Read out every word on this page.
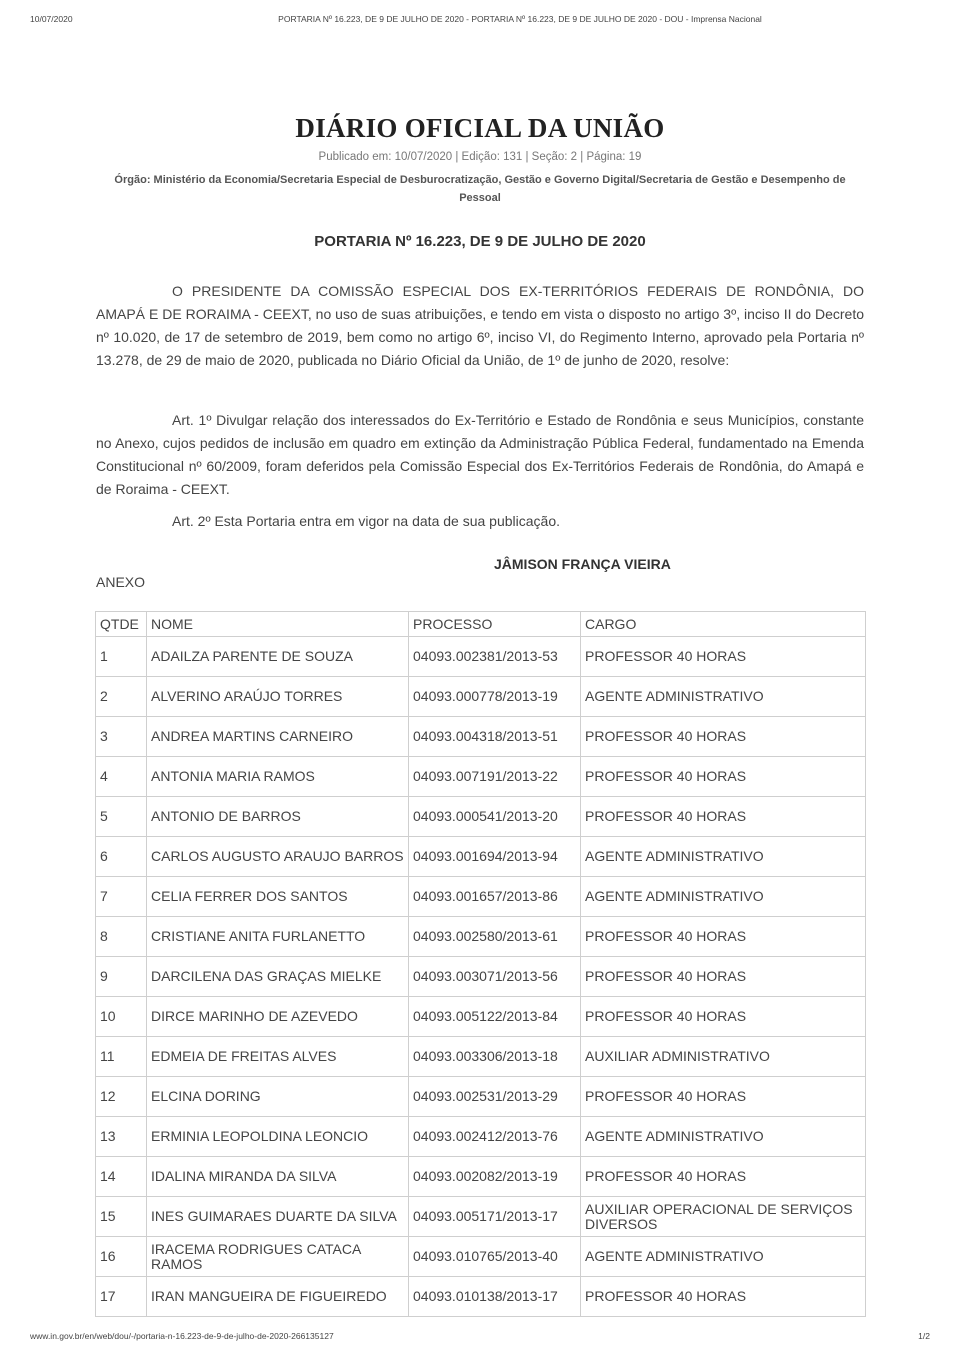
10/07/2020	PORTARIA Nº 16.223, DE 9 DE JULHO DE 2020 - PORTARIA Nº 16.223, DE 9 DE JULHO DE 2020 - DOU - Imprensa Nacional
DIÁRIO OFICIAL DA UNIÃO
Publicado em: 10/07/2020 | Edição: 131 | Seção: 2 | Página: 19
Órgão: Ministério da Economia/Secretaria Especial de Desburocratização, Gestão e Governo Digital/Secretaria de Gestão e Desempenho de Pessoal
PORTARIA Nº 16.223, DE 9 DE JULHO DE 2020
O PRESIDENTE DA COMISSÃO ESPECIAL DOS EX-TERRITÓRIOS FEDERAIS DE RONDÔNIA, DO AMAPÁ E DE RORAIMA - CEEXT, no uso de suas atribuições, e tendo em vista o disposto no artigo 3º, inciso II do Decreto nº 10.020, de 17 de setembro de 2019, bem como no artigo 6º, inciso VI, do Regimento Interno, aprovado pela Portaria nº 13.278, de 29 de maio de 2020, publicada no Diário Oficial da União, de 1º de junho de 2020, resolve:
Art. 1º Divulgar relação dos interessados do Ex-Território e Estado de Rondônia e seus Municípios, constante no Anexo, cujos pedidos de inclusão em quadro em extinção da Administração Pública Federal, fundamentado na Emenda Constitucional nº 60/2009, foram deferidos pela Comissão Especial dos Ex-Territórios Federais de Rondônia, do Amapá e de Roraima - CEEXT.
Art. 2º Esta Portaria entra em vigor na data de sua publicação.
JÂMISON FRANÇA VIEIRA
ANEXO
QTDE	NOME	PROCESSO	CARGO
1	ADAILZA PARENTE DE SOUZA	04093.002381/2013-53	PROFESSOR 40 HORAS
2	ALVERINO ARAÚJO TORRES	04093.000778/2013-19	AGENTE ADMINISTRATIVO
3	ANDREA MARTINS CARNEIRO	04093.004318/2013-51	PROFESSOR 40 HORAS
4	ANTONIA MARIA RAMOS	04093.007191/2013-22	PROFESSOR 40 HORAS
5	ANTONIO DE BARROS	04093.000541/2013-20	PROFESSOR 40 HORAS
6	CARLOS AUGUSTO ARAUJO BARROS	04093.001694/2013-94	AGENTE ADMINISTRATIVO
7	CELIA FERRER DOS SANTOS	04093.001657/2013-86	AGENTE ADMINISTRATIVO
8	CRISTIANE ANITA FURLANETTO	04093.002580/2013-61	PROFESSOR 40 HORAS
9	DARCILENA DAS GRAÇAS MIELKE	04093.003071/2013-56	PROFESSOR 40 HORAS
10	DIRCE MARINHO DE AZEVEDO	04093.005122/2013-84	PROFESSOR 40 HORAS
11	EDMEIA DE FREITAS ALVES	04093.003306/2013-18	AUXILIAR ADMINISTRATIVO
12	ELCINA DORING	04093.002531/2013-29	PROFESSOR 40 HORAS
13	ERMINIA LEOPOLDINA LEONCIO	04093.002412/2013-76	AGENTE ADMINISTRATIVO
14	IDALINA MIRANDA DA SILVA	04093.002082/2013-19	PROFESSOR 40 HORAS
15	INES GUIMARAES DUARTE DA SILVA	04093.005171/2013-17	AUXILIAR OPERACIONAL DE SERVIÇOS DIVERSOS
16	IRACEMA RODRIGUES CATACA RAMOS	04093.010765/2013-40	AGENTE ADMINISTRATIVO
17	IRAN MANGUEIRA DE FIGUEIREDO	04093.010138/2013-17	PROFESSOR 40 HORAS
www.in.gov.br/en/web/dou/-/portaria-n-16.223-de-9-de-julho-de-2020-266135127	1/2
